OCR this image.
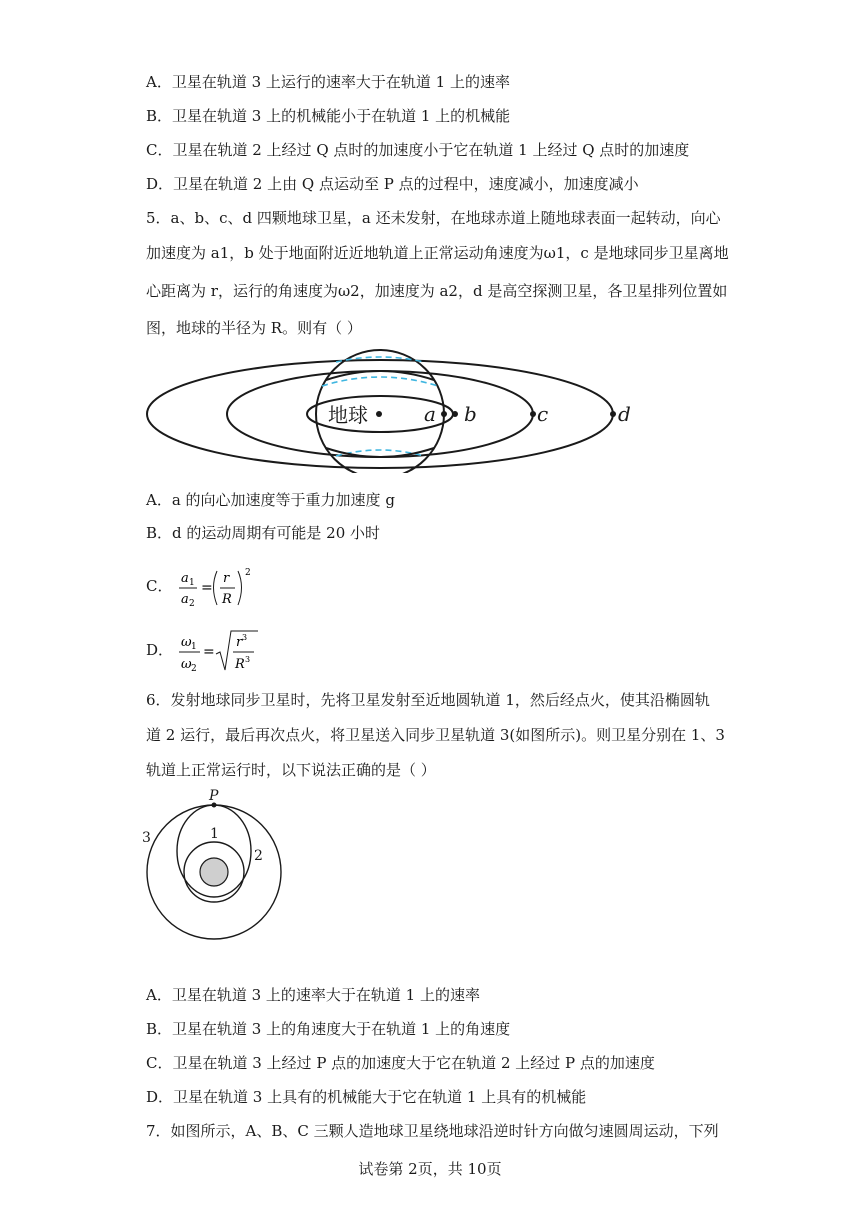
A．卫星在轨道 3 上运行的速率大于在轨道 1 上的速率
B．卫星在轨道 3 上的机械能小于在轨道 1 上的机械能
C．卫星在轨道 2 上经过 Q 点时的加速度小于它在轨道 1 上经过 Q 点时的加速度
D．卫星在轨道 2 上由 Q 点运动至 P 点的过程中，速度减小，加速度减小
5．a、b、c、d 四颗地球卫星，a 还未发射，在地球赤道上随地球表面一起转动，向心
加速度为 a1，b 处于地面附近近地轨道上正常运动角速度为ω1，c 是地球同步卫星离地
心距离为 r，运行的角速度为ω2，加速度为 a2，d 是高空探测卫星，各卫星排列位置如
图，地球的半径为 R。则有（ ）
地球	a b	c	d
A．a 的向心加速度等于重力加速度 g
B．d 的运动周期有可能是 20 小时
C． a 1
a 2
=
r
R
2
D． ω 1
ω 2
=
r 3
R 3
6．发射地球同步卫星时，先将卫星发射至近地圆轨道 1，然后经点火，使其沿椭圆轨
道 2 运行，最后再次点火，将卫星送入同步卫星轨道 3(如图所示)。则卫星分别在 1、3
轨道上正常运行时，以下说法正确的是（ ）
P
1
2
3
A．卫星在轨道 3 上的速率大于在轨道 1 上的速率
B．卫星在轨道 3 上的角速度大于在轨道 1 上的角速度
C．卫星在轨道 3 上经过 P 点的加速度大于它在轨道 2 上经过 P 点的加速度
D．卫星在轨道 3 上具有的机械能大于它在轨道 1 上具有的机械能
7．如图所示，A、B、C 三颗人造地球卫星绕地球沿逆时针方向做匀速圆周运动，下列
试卷第 2页，共 10页
